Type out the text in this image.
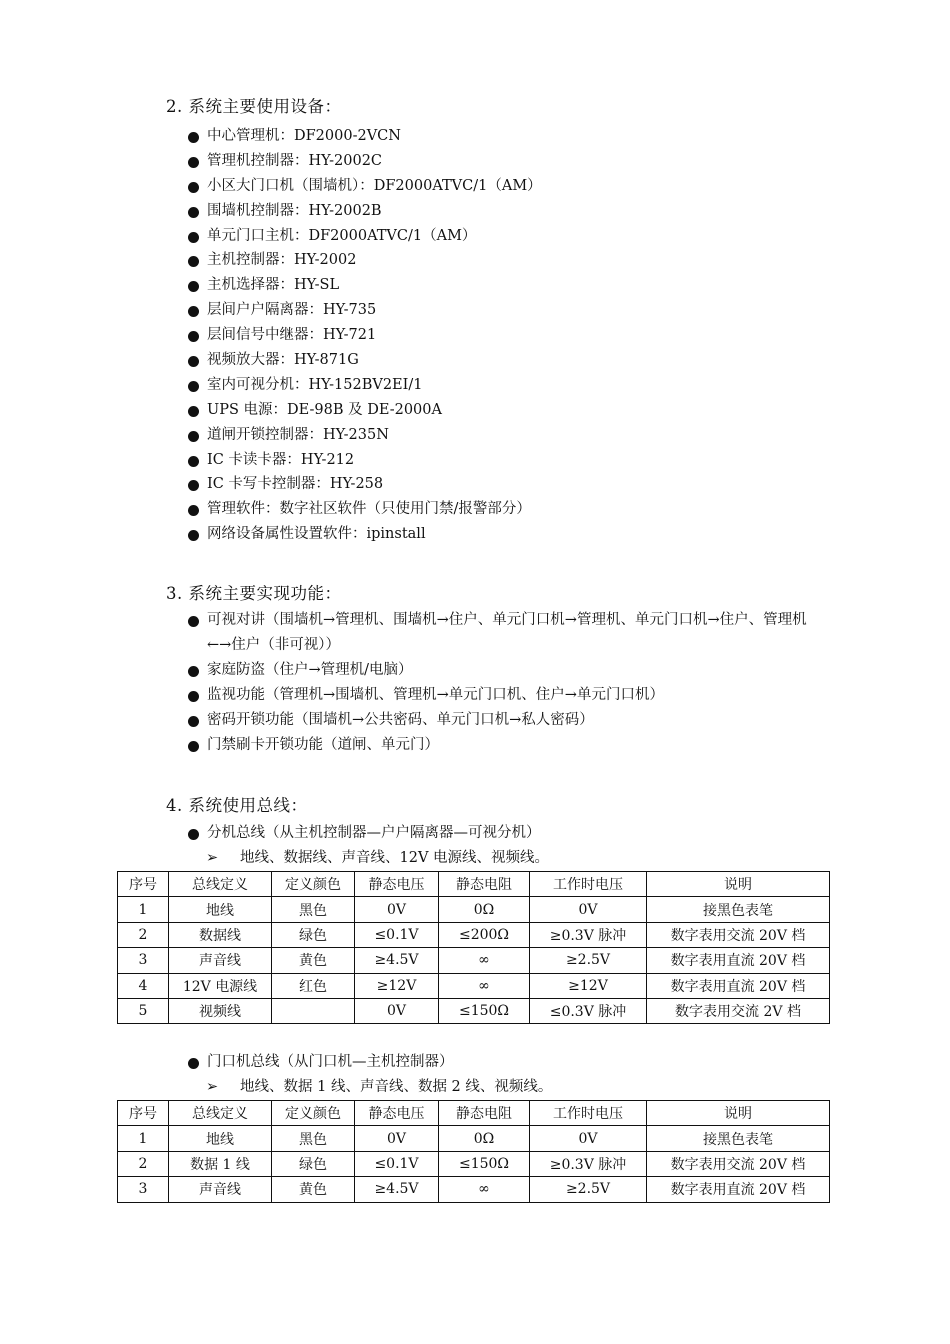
2. 系统主要使用设备：
中心管理机：DF2000-2VCN
管理机控制器：HY-2002C
小区大门口机（围墙机）：DF2000ATVC/1（AM）
围墙机控制器：HY-2002B
单元门口主机：DF2000ATVC/1（AM）
主机控制器：HY-2002
主机选择器：HY-SL
层间户户隔离器：HY-735
层间信号中继器：HY-721
视频放大器：HY-871G
室内可视分机：HY-152BV2EI/1
UPS 电源：DE-98B 及 DE-2000A
道闸开锁控制器：HY-235N
IC 卡读卡器：HY-212
IC 卡写卡控制器：HY-258
管理软件：数字社区软件（只使用门禁/报警部分）
网络设备属性设置软件：ipinstall
3. 系统主要实现功能：
可视对讲（围墙机→管理机、围墙机→住户、单元门口机→管理机、单元门口机→住户、管理机←→住户（非可视））
家庭防盗（住户→管理机/电脑）
监视功能（管理机→围墙机、管理机→单元门口机、住户→单元门口机）
密码开锁功能（围墙机→公共密码、单元门口机→私人密码）
门禁刷卡开锁功能（道闸、单元门）
4. 系统使用总线：
分机总线（从主机控制器—户户隔离器—可视分机）
➢ 地线、数据线、声音线、12V 电源线、视频线。
序号	总线定义	定义颜色	静态电压	静态电阻	工作时电压	说明
1	地线	黑色	0V	0Ω	0V	接黑色表笔
2	数据线	绿色	≤0.1V	≤200Ω	≥0.3V 脉冲	数字表用交流 20V 档
3	声音线	黄色	≥4.5V	∞	≥2.5V	数字表用直流 20V 档
4	12V 电源线	红色	≥12V	∞	≥12V	数字表用直流 20V 档
5	视频线		0V	≤150Ω	≤0.3V 脉冲	数字表用交流 2V 档
门口机总线（从门口机—主机控制器）
➢ 地线、数据 1 线、声音线、数据 2 线、视频线。
序号	总线定义	定义颜色	静态电压	静态电阻	工作时电压	说明
1	地线	黑色	0V	0Ω	0V	接黑色表笔
2	数据 1 线	绿色	≤0.1V	≤150Ω	≥0.3V 脉冲	数字表用交流 20V 档
3	声音线	黄色	≥4.5V	∞	≥2.5V	数字表用直流 20V 档
